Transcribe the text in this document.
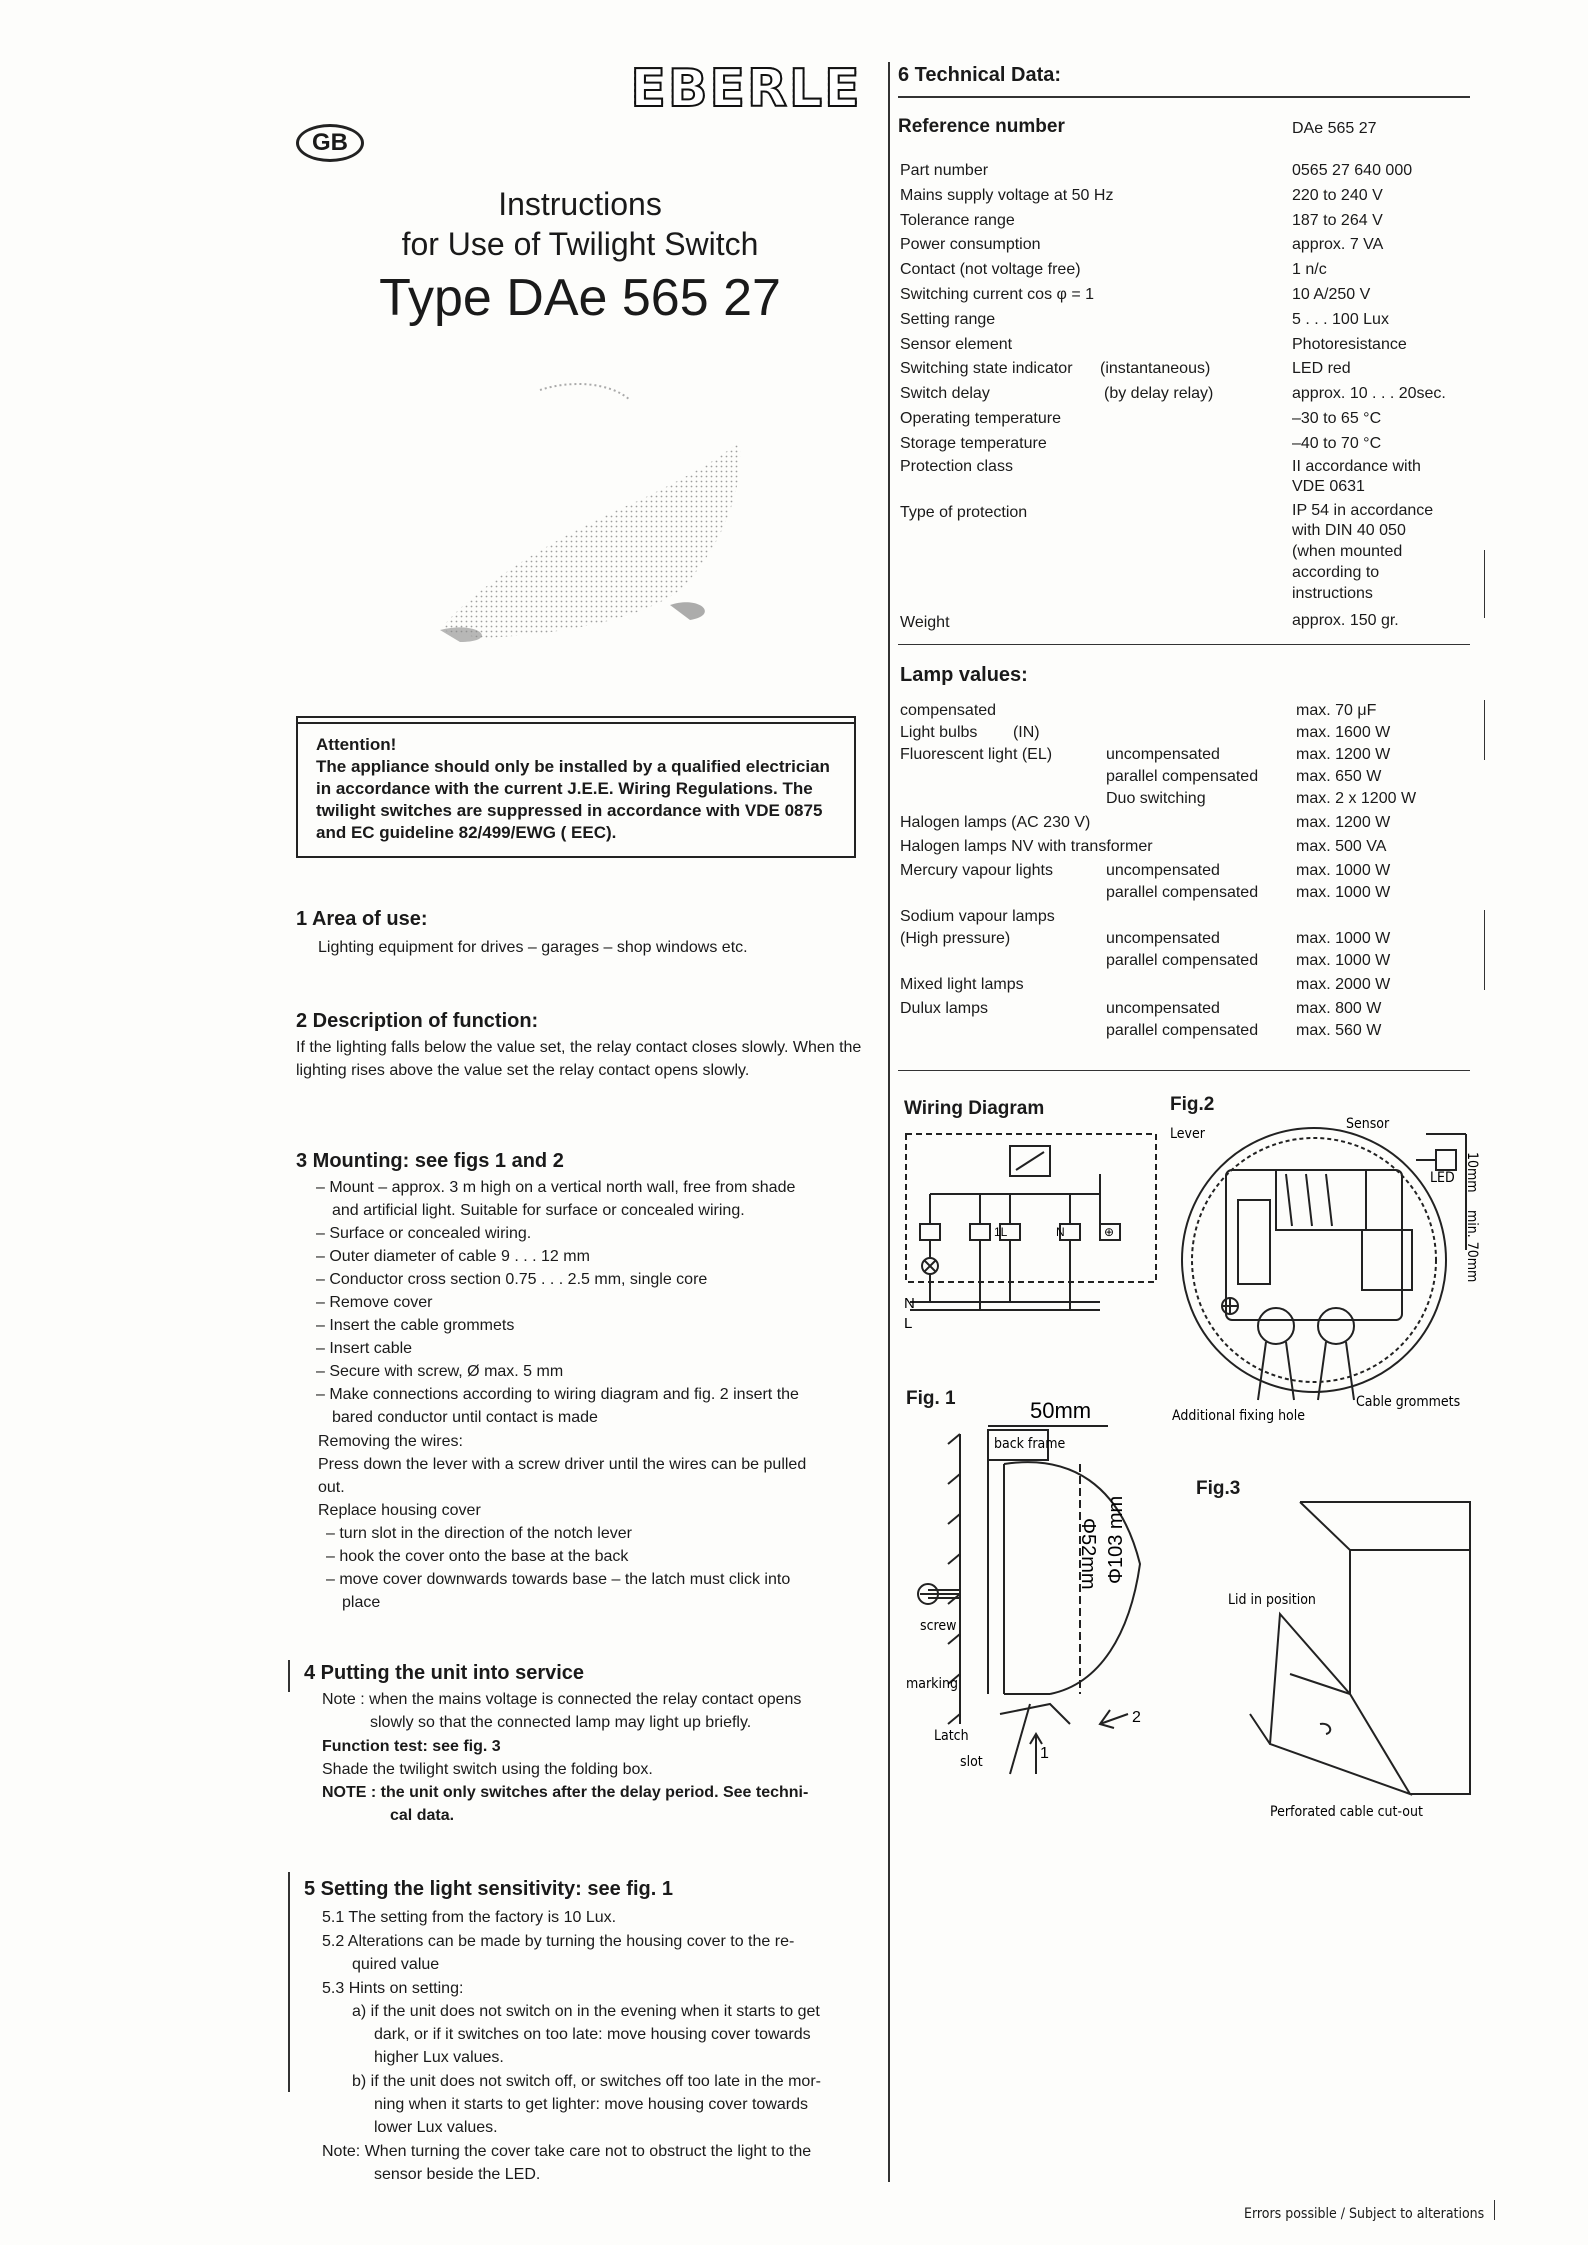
EBERLE
GB
Instructions
for Use of Twilight Switch
Type DAe 565 27
Attention!
The appliance should only be installed by a qualified electrician in accordance with the current J.E.E. Wiring Regulations. The twilight switches are suppressed in accordance with VDE 0875 and EC guideline 82/499/EWG ( EEC).
1 Area of use:
Lighting equipment for drives – garages – shop windows etc.
2 Description of function:
If the lighting falls below the value set, the relay contact closes slowly. When the lighting rises above the value set the relay contact opens slowly.
3 Mounting: see figs 1 and 2
– Mount – approx. 3 m high on a vertical north wall, free from shade
and artificial light. Suitable for surface or concealed wiring.
– Surface or concealed wiring.
– Outer diameter of cable 9 . . . 12 mm
– Conductor cross section 0.75 . . . 2.5 mm, single core
– Remove cover
– Insert the cable grommets
– Insert cable
– Secure with screw, Ø max. 5 mm
– Make connections according to wiring diagram and fig. 2 insert the
bared conductor until contact is made
Removing the wires:
Press down the lever with a screw driver until the wires can be pulled
out.
Replace housing cover
– turn slot in the direction of the notch lever
– hook the cover onto the base at the back
– move cover downwards towards base – the latch must click into
place
4 Putting the unit into service
Note : when the mains voltage is connected the relay contact opens
slowly so that the connected lamp may light up briefly.
Function test: see fig. 3
Shade the twilight switch using the folding box.
NOTE : the unit only switches after the delay period. See techni-
cal data.
5 Setting the light sensitivity: see fig. 1
5.1 The setting from the factory is 10 Lux.
5.2 Alterations can be made by turning the housing cover to the re-
quired value
5.3 Hints on setting:
a) if the unit does not switch on in the evening when it starts to get
dark, or if it switches on too late: move housing cover towards
higher Lux values.
b) if the unit does not switch off, or switches off too late in the mor-
ning when it starts to get lighter: move housing cover towards
lower Lux values.
Note: When turning the cover take care not to obstruct the light to the
sensor beside the LED.
6 Technical Data:
Reference number	DAe 565 27
Part number	0565 27 640 000
Mains supply voltage at 50 Hz	220 to 240 V
Tolerance range	187 to 264 V
Power consumption	approx. 7 VA
Contact (not voltage free)	1 n/c
Switching current cos φ = 1	10 A/250 V
Setting range	5 . . . 100 Lux
Sensor element	Photoresistance
Switching state indicator (instantaneous)	LED red
Switch delay	(by delay relay)	approx. 10 . . . 20sec.
Operating temperature	–30 to 65 °C
Storage temperature	–40 to 70 °C
Protection class	II accordance with
VDE 0631
Type of protection	IP 54 in accordance
with DIN 40 050
(when mounted
according to
instructions
Weight	approx. 150 gr.
Lamp values:
compensated	max. 70 μF
Light bulbs        (IN)	max. 1600 W
Fluorescent light (EL)	uncompensated	max. 1200 W
parallel compensated max. 650 W
Duo switching	max. 2 x 1200 W
Halogen lamps (AC 230 V)	max. 1200 W
Halogen lamps NV with transformer	max. 500 VA
Mercury vapour lights	uncompensated	max. 1000 W
parallel compensated max. 1000 W
Sodium vapour lamps
(High pressure)	uncompensated	max. 1000 W
parallel compensated max. 1000 W
Mixed light lamps	max. 2000 W
Dulux lamps	uncompensated	max. 800 W
parallel compensated max. 560 W
Wiring Diagram
N
L
1L	N	⊕
Fig.2
Sensor
Lever
LED 10mm
min. 70mm
Additional fixing hole
Cable grommets
Fig. 1	50mm
back frame
Φ52mm Φ103 mm
screw
marking
Latch
slot	1
2
Fig.3
Lid in position
Perforated cable cut-out
Errors possible / Subject to alterations
